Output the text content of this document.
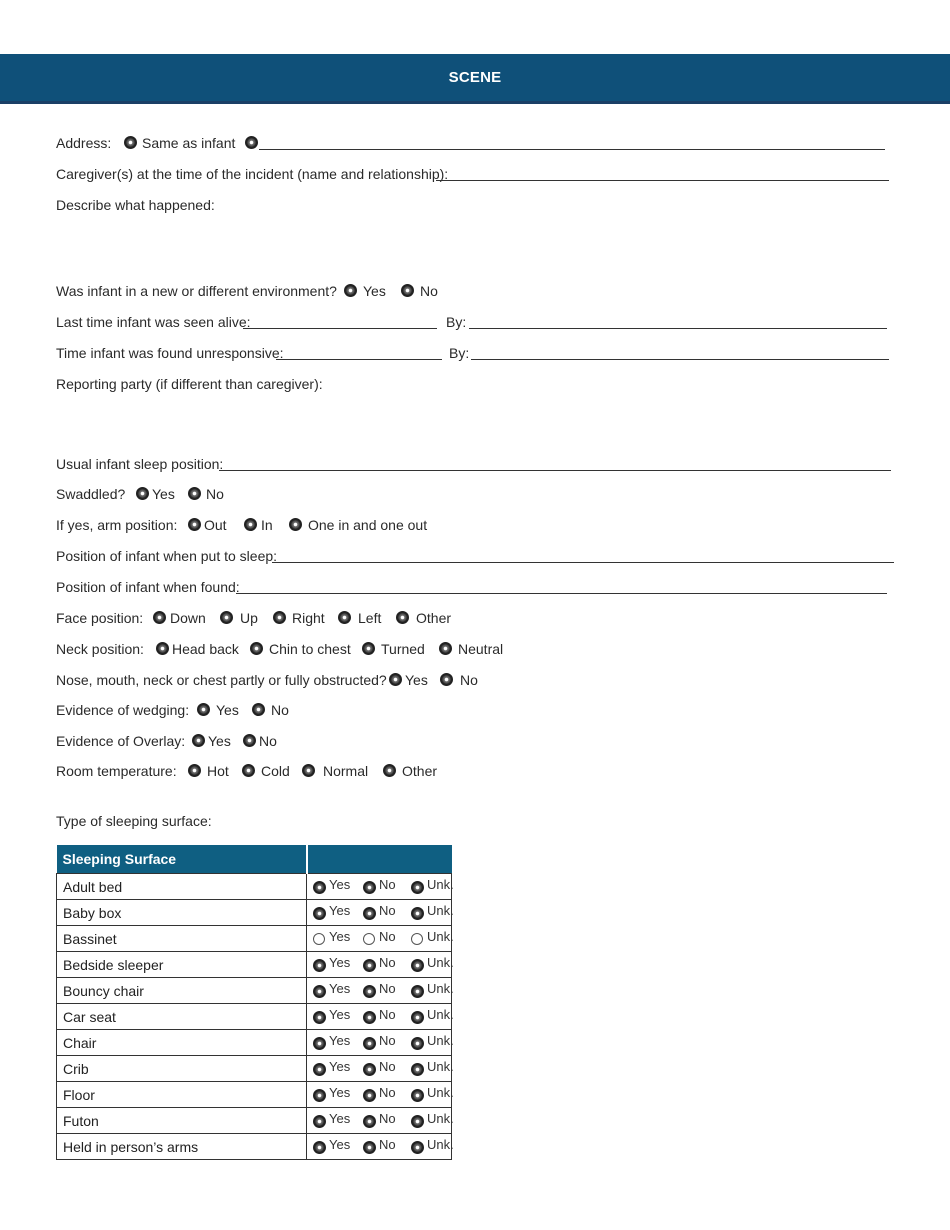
SCENE
Address: Same as infant
Caregiver(s) at the time of the incident (name and relationship):
Describe what happened:
Was infant in a new or different environment? Yes No
Last time infant was seen alive:	By:
Time infant was found unresponsive:	By:
Reporting party (if different than caregiver):
Usual infant sleep position:
Swaddled? Yes No
If yes, arm position: Out In	One in and one out
Position of infant when put to sleep:
Position of infant when found:
Face position: Down Up Right Left Other
Neck position: Head back Chin to chest Turned Neutral
Nose, mouth, neck or chest partly or fully obstructed? Yes No
Evidence of wedging: Yes No
Evidence of Overlay: Yes No
Room temperature: Hot Cold Normal Other
Type of sleeping surface:
Sleeping Surface	
Adult bed	Yes No Unk.

Baby box	Yes No Unk.

Bassinet	Yes No Unk.

Bedside sleeper	Yes No Unk.

Bouncy chair	Yes No Unk.

Car seat	Yes No Unk.

Chair	Yes No Unk.

Crib	Yes No Unk.

Floor	Yes No Unk.

Futon	Yes No Unk.

Held in person’s arms	Yes No Unk.
